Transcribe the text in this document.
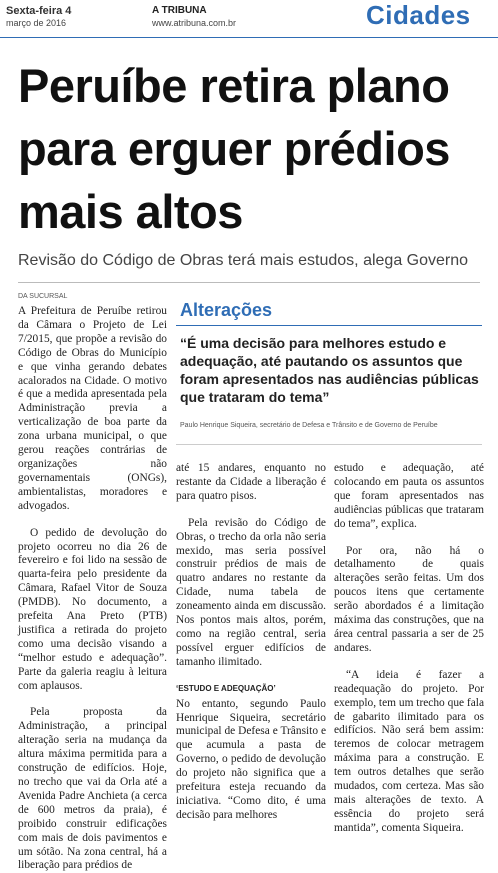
Sexta-feira 4
março de 2016
A TRIBUNA
www.atribuna.com.br	Cidades
Peruíbe retira plano para erguer prédios mais altos
Revisão do Código de Obras terá mais estudos, alega Governo
DA SUCURSAL

A Prefeitura de Peruíbe retirou da Câmara o Projeto de Lei 7/2015, que propõe a revisão do Código de Obras do Município e que vinha gerando debates acalorados na Cidade. O motivo é que a medida apresentada pela Administração previa a verticalização de boa parte da zona urbana municipal, o que gerou reações contrárias de organizações não governamentais (ONGs), ambientalistas, moradores e advogados.

O pedido de devolução do projeto ocorreu no dia 26 de fevereiro e foi lido na sessão de quarta-feira pelo presidente da Câmara, Rafael Vitor de Souza (PMDB). No documento, a prefeita Ana Preto (PTB) justifica a retirada do projeto como uma decisão visando a “melhor estudo e adequação”. Parte da galeria reagiu à leitura com aplausos.

Pela proposta da Administração, a principal alteração seria na mudança da altura máxima permitida para a construção de edifícios. Hoje, no trecho que vai da Orla até a Avenida Padre Anchieta (a cerca de 600 metros da praia), é proibido construir edificações com mais de dois pavimentos e um sótão. Na zona central, há a liberação para prédios de

Alterações
“É uma decisão para melhores estudo e adequação, até pautando os assuntos que foram apresentados nas audiências públicas que trataram do tema”
Paulo Henrique Siqueira, secretário de Defesa e Trânsito e de Governo de Peruíbe

até 15 andares, enquanto no restante da Cidade a liberação é para quatro pisos.

Pela revisão do Código de Obras, o trecho da orla não seria mexido, mas seria possível construir prédios de mais de quatro andares no restante da Cidade, numa tabela de zoneamento ainda em discussão. Nos pontos mais altos, porém, como na região central, seria possível erguer edifícios de tamanho ilimitado.

‘ESTUDO E ADEQUAÇÃO’

No entanto, segundo Paulo Henrique Siqueira, secretário municipal de Defesa e Trânsito e que acumula a pasta de Governo, o pedido de devolução do projeto não significa que a prefeitura esteja recuando da iniciativa. “Como dito, é uma decisão para melhores

estudo e adequação, até colocando em pauta os assuntos que foram apresentados nas audiências públicas que trataram do tema”, explica.

Por ora, não há o detalhamento de quais alterações serão feitas. Um dos poucos itens que certamente serão abordados é a limitação máxima das construções, que na área central passaria a ser de 25 andares.

“A ideia é fazer a readequação do projeto. Por exemplo, tem um trecho que fala de gabarito ilimitado para os edifícios. Não será bem assim: teremos de colocar metragem máxima para a construção. E tem outros detalhes que serão mudados, com certeza. Mas são mais alterações de texto. A essência do projeto será mantida”, comenta Siqueira.
